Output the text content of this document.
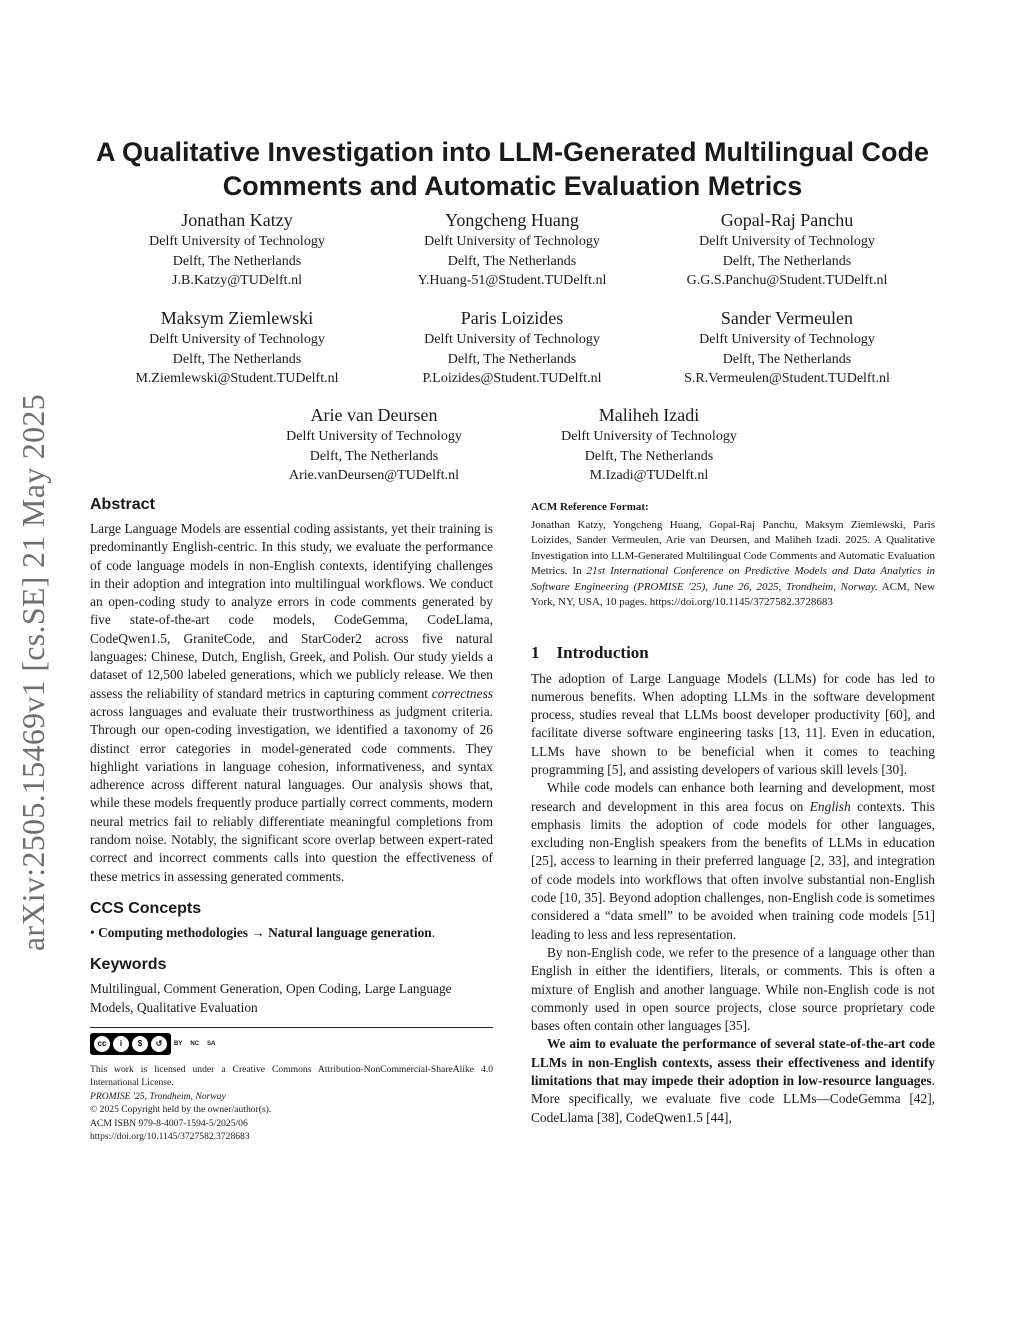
arXiv:2505.15469v1 [cs.SE] 21 May 2025
A Qualitative Investigation into LLM-Generated Multilingual Code Comments and Automatic Evaluation Metrics
Jonathan Katzy
Delft University of Technology
Delft, The Netherlands
J.B.Katzy@TUDelft.nl
Yongcheng Huang
Delft University of Technology
Delft, The Netherlands
Y.Huang-51@Student.TUDelft.nl
Gopal-Raj Panchu
Delft University of Technology
Delft, The Netherlands
G.G.S.Panchu@Student.TUDelft.nl
Maksym Ziemlewski
Delft University of Technology
Delft, The Netherlands
M.Ziemlewski@Student.TUDelft.nl
Paris Loizides
Delft University of Technology
Delft, The Netherlands
P.Loizides@Student.TUDelft.nl
Sander Vermeulen
Delft University of Technology
Delft, The Netherlands
S.R.Vermeulen@Student.TUDelft.nl
Arie van Deursen
Delft University of Technology
Delft, The Netherlands
Arie.vanDeursen@TUDelft.nl
Maliheh Izadi
Delft University of Technology
Delft, The Netherlands
M.Izadi@TUDelft.nl
Abstract

Large Language Models are essential coding assistants, yet their training is predominantly English-centric. In this study, we evaluate the performance of code language models in non-English contexts, identifying challenges in their adoption and integration into multilingual workflows. We conduct an open-coding study to analyze errors in code comments generated by five state-of-the-art code models, CodeGemma, CodeLlama, CodeQwen1.5, GraniteCode, and StarCoder2 across five natural languages: Chinese, Dutch, English, Greek, and Polish. Our study yields a dataset of 12,500 labeled generations, which we publicly release. We then assess the reliability of standard metrics in capturing comment correctness across languages and evaluate their trustworthiness as judgment criteria. Through our open-coding investigation, we identified a taxonomy of 26 distinct error categories in model-generated code comments. They highlight variations in language cohesion, informativeness, and syntax adherence across different natural languages. Our analysis shows that, while these models frequently produce partially correct comments, modern neural metrics fail to reliably differentiate meaningful completions from random noise. Notably, the significant score overlap between expert-rated correct and incorrect comments calls into question the effectiveness of these metrics in assessing generated comments.

CCS Concepts

• Computing methodologies → Natural language generation.

Keywords

Multilingual, Comment Generation, Open Coding, Large Language Models, Qualitative Evaluation

cc	i	$	↺	BY NC SA
This work is licensed under a Creative Commons Attribution-NonCommercial-ShareAlike 4.0 International License.
PROMISE '25, Trondheim, Norway
© 2025 Copyright held by the owner/author(s).
ACM ISBN 979-8-4007-1594-5/2025/06
https://doi.org/10.1145/3727582.3728683
ACM Reference Format:

Jonathan Katzy, Yongcheng Huang, Gopal-Raj Panchu, Maksym Ziemlewski, Paris Loizides, Sander Vermeulen, Arie van Deursen, and Maliheh Izadi. 2025. A Qualitative Investigation into LLM-Generated Multilingual Code Comments and Automatic Evaluation Metrics. In 21st International Conference on Predictive Models and Data Analytics in Software Engineering (PROMISE '25), June 26, 2025, Trondheim, Norway. ACM, New York, NY, USA, 10 pages. https://doi.org/10.1145/3727582.3728683

1 Introduction

The adoption of Large Language Models (LLMs) for code has led to numerous benefits. When adopting LLMs in the software development process, studies reveal that LLMs boost developer productivity [60], and facilitate diverse software engineering tasks [13, 11]. Even in education, LLMs have shown to be beneficial when it comes to teaching programming [5], and assisting developers of various skill levels [30].

While code models can enhance both learning and development, most research and development in this area focus on English contexts. This emphasis limits the adoption of code models for other languages, excluding non-English speakers from the benefits of LLMs in education [25], access to learning in their preferred language [2, 33], and integration of code models into workflows that often involve substantial non-English code [10, 35]. Beyond adoption challenges, non-English code is sometimes considered a “data smell” to be avoided when training code models [51] leading to less and less representation.

By non-English code, we refer to the presence of a language other than English in either the identifiers, literals, or comments. This is often a mixture of English and another language. While non-English code is not commonly used in open source projects, close source proprietary code bases often contain other languages [35].

We aim to evaluate the performance of several state-of-the-art code LLMs in non-English contexts, assess their effectiveness and identify limitations that may impede their adoption in low-resource languages. More specifically, we evaluate five code LLMs—CodeGemma [42], CodeLlama [38], CodeQwen1.5 [44],
